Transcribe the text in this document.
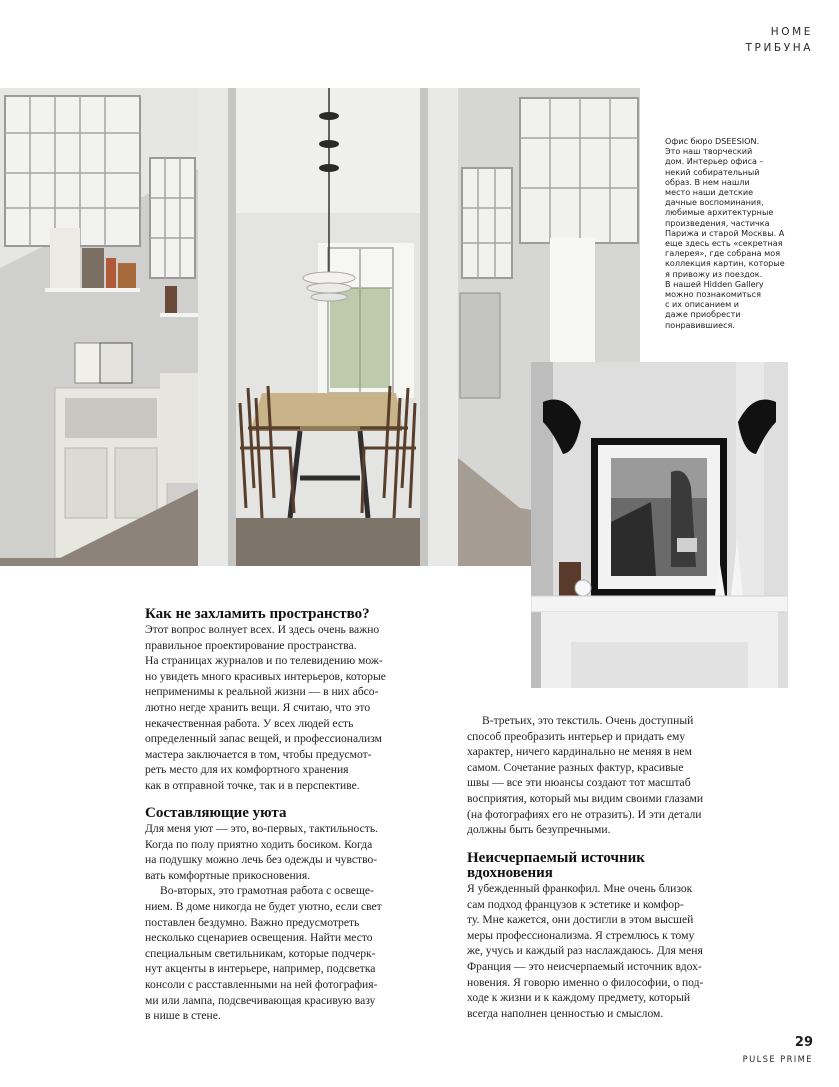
HOME
ТРИБУНА
Офис бюро DSEESION.
Это наш творческий
дом. Интерьер офиса –
некий собирательный
образ. В нем нашли
место наши детские
дачные воспоминания,
любимые архитектурные
произведения, частичка
Парижа и старой Москвы. А
еще здесь есть «секретная
галерея», где собрана моя
коллекция картин, которые
я привожу из поездок.
В нашей Hidden Gallery
можно познакомиться
с их описанием и
даже приобрести
понравившиеся.
Как не захламить пространство?

Этот вопрос волнует всех. И здесь очень важно
правильное проектирование пространства.
На страницах журналов и по телевидению мож-
но увидеть много красивых интерьеров, которые
неприменимы к реальной жизни — в них абсо-
лютно негде хранить вещи. Я считаю, что это
некачественная работа. У всех людей есть
определенный запас вещей, и профессионализм
мастера заключается в том, чтобы предусмот-
реть место для их комфортного хранения
как в отправной точке, так и в перспективе.

Составляющие уюта

Для меня уют — это, во-первых, тактильность.
Когда по полу приятно ходить босиком. Когда
на подушку можно лечь без одежды и чувство-
вать комфортные прикосновения.

Во-вторых, это грамотная работа с освеще-
нием. В доме никогда не будет уютно, если свет
поставлен бездумно. Важно предусмотреть
несколько сценариев освещения. Найти место
специальным светильникам, которые подчерк-
нут акценты в интерьере, например, подсветка
консоли с расставленными на ней фотография-
ми или лампа, подсвечивающая красивую вазу
в нише в стене.

В-третьих, это текстиль. Очень доступный
способ преобразить интерьер и придать ему
характер, ничего кардинально не меняя в нем
самом. Сочетание разных фактур, красивые
швы — все эти нюансы создают тот масштаб
восприятия, который мы видим своими глазами
(на фотографиях его не отразить). И эти детали
должны быть безупречными.

Неисчерпаемый источник
вдохновения

Я убежденный франкофил. Мне очень близок
сам подход французов к эстетике и комфор-
ту. Мне кажется, они достигли в этом высшей
меры профессионализма. Я стремлюсь к тому
же, учусь и каждый раз наслаждаюсь. Для меня
Франция — это неисчерпаемый источник вдох-
новения. Я говорю именно о философии, о под-
ходе к жизни и к каждому предмету, который
всегда наполнен ценностью и смыслом.

29
PULSE PRIME
